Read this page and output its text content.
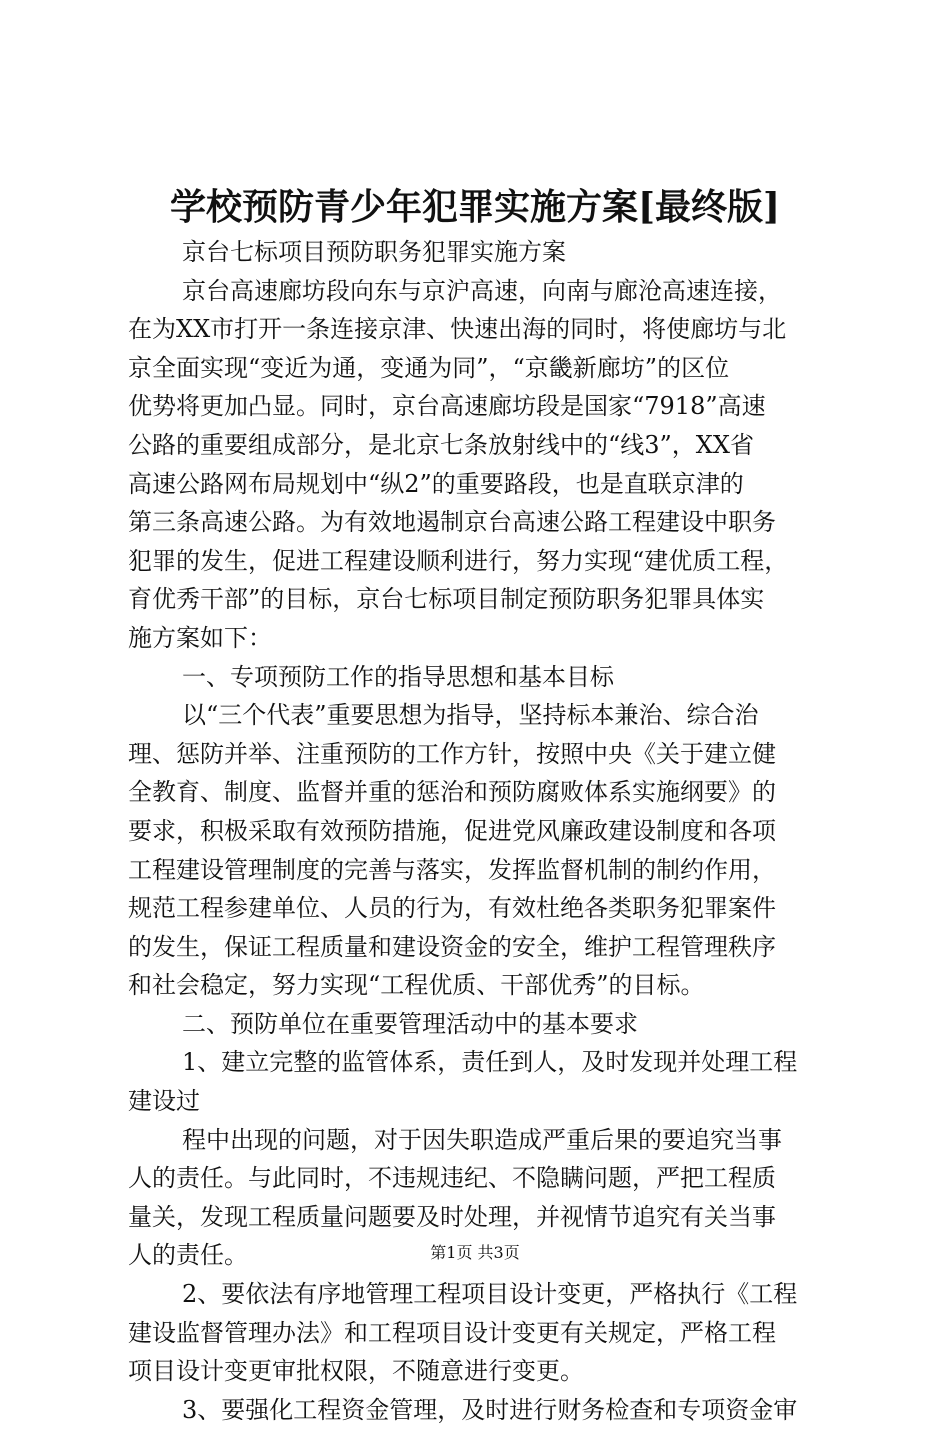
学校预防青少年犯罪实施方案[最终版]
京台七标项目预防职务犯罪实施方案
京台高速廊坊段向东与京沪高速，向南与廊沧高速连接，
在为XX市打开一条连接京津、快速出海的同时，将使廊坊与北
京全面实现“变近为通，变通为同”，“京畿新廊坊”的区位
优势将更加凸显。同时，京台高速廊坊段是国家“7918”高速
公路的重要组成部分，是北京七条放射线中的“线3”，XX省
高速公路网布局规划中“纵2”的重要路段，也是直联京津的
第三条高速公路。为有效地遏制京台高速公路工程建设中职务
犯罪的发生，促进工程建设顺利进行，努力实现“建优质工程，
育优秀干部”的目标，京台七标项目制定预防职务犯罪具体实
施方案如下：
一、专项预防工作的指导思想和基本目标
以“三个代表”重要思想为指导，坚持标本兼治、综合治
理、惩防并举、注重预防的工作方针，按照中央《关于建立健
全教育、制度、监督并重的惩治和预防腐败体系实施纲要》的
要求，积极采取有效预防措施，促进党风廉政建设制度和各项
工程建设管理制度的完善与落实，发挥监督机制的制约作用，
规范工程参建单位、人员的行为，有效杜绝各类职务犯罪案件
的发生，保证工程质量和建设资金的安全，维护工程管理秩序
和社会稳定，努力实现“工程优质、干部优秀”的目标。
二、预防单位在重要管理活动中的基本要求
1、建立完整的监管体系，责任到人，及时发现并处理工程
建设过
程中出现的问题，对于因失职造成严重后果的要追究当事
人的责任。与此同时，不违规违纪、不隐瞒问题，严把工程质
量关，发现工程质量问题要及时处理，并视情节追究有关当事
人的责任。
2、要依法有序地管理工程项目设计变更，严格执行《工程
建设监督管理办法》和工程项目设计变更有关规定，严格工程
项目设计变更审批权限，不随意进行变更。
3、要强化工程资金管理，及时进行财务检查和专项资金审
第1页 共3页
